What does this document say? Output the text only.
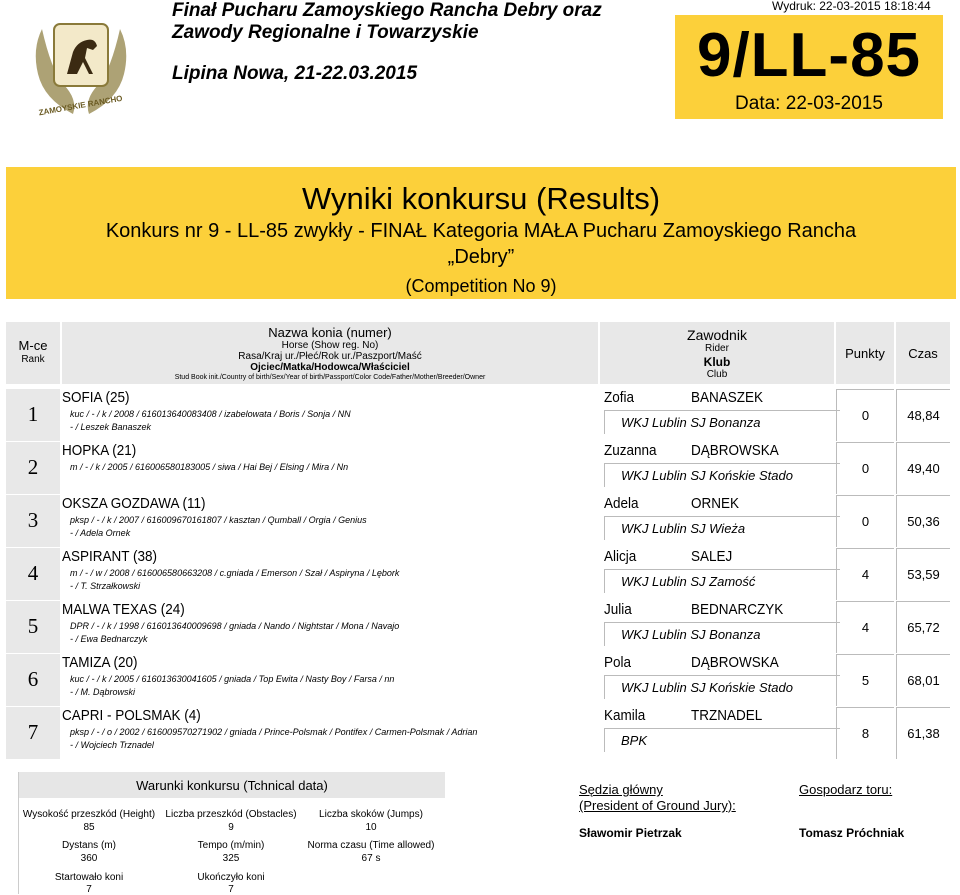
ZAMOYSKIE RANCHO
Finał Pucharu Zamoyskiego Rancha Debry oraz
Zawody Regionalne i Towarzyskie
Lipina Nowa, 21-22.03.2015
Wydruk: 22-03-2015 18:18:44
9/LL-85
Data: 22-03-2015
Wyniki konkursu (Results)
Konkurs nr 9 - LL-85 zwykły - FINAŁ Kategoria MAŁA Pucharu Zamoyskiego Rancha
„Debry”
(Competition No 9)
M-ce
Rank
Nazwa konia (numer)
Horse (Show reg. No)
Rasa/Kraj ur./Płeć/Rok ur./Paszport/Maść
Ojciec/Matka/Hodowca/Właściciel
Stud Book init./Country of birth/Sex/Year of birth/Passport/Color Code/Father/Mother/Breeder/Owner
Zawodnik
Rider
Klub
Club
Punkty	Czas
1
SOFIA (25)
kuc / - / k / 2008 / 616013640083408 / izabelowata / Boris / Sonja / NN
- / Leszek Banaszek
Zofia	BANASZEK
WKJ Lublin SJ Bonanza	0	48,84
2
HOPKA (21)
m / - / k / 2005 / 616006580183005 / siwa / Hai Bej / Elsing / Mira / Nn
Zuzanna DĄBROWSKA
WKJ Lublin SJ Końskie Stado	0	49,40
3
OKSZA GOZDAWA (11)
pksp / - / k / 2007 / 616009670161807 / kasztan / Qumball / Orgia / Genius
- / Adela Ornek
Adela	ORNEK
WKJ Lublin SJ Wieża	0	50,36
4
ASPIRANT (38)
m / - / w / 2008 / 616006580663208 / c.gniada / Emerson / Szał / Aspiryna / Lębork
- / T. Strzałkowski
Alicja	SALEJ
WKJ Lublin SJ Zamość	4	53,59
5
MALWA TEXAS (24)
DPR / - / k / 1998 / 616013640009698 / gniada / Nando / Nightstar / Mona / Navajo
- / Ewa Bednarczyk
Julia	BEDNARCZYK
WKJ Lublin SJ Bonanza	4	65,72
6
TAMIZA (20)
kuc / - / k / 2005 / 616013630041605 / gniada / Top Ewita / Nasty Boy / Farsa / nn
- / M. Dąbrowski
Pola	DĄBROWSKA
WKJ Lublin SJ Końskie Stado	5	68,01
7
CAPRI - POLSMAK (4)
pksp / - / o / 2002 / 616009570271902 / gniada / Prince-Polsmak / Pontifex / Carmen-Polsmak / Adrian
- / Wojciech Trznadel
Kamila	TRZNADEL
BPK	8	61,38
Warunki konkursu (Tchnical data)
Wysokość przeszkód (Height)
85
Liczba przeszkód (Obstacles)
9
Liczba skoków (Jumps)
10
Dystans (m)
360
Tempo (m/min)
325
Norma czasu (Time allowed)
67 s
Startowało koni
7
Ukończyło koni
7
Sędzia główny
(President of Ground Jury):
Sławomir Pietrzak
Gospodarz toru:
Tomasz Próchniak
